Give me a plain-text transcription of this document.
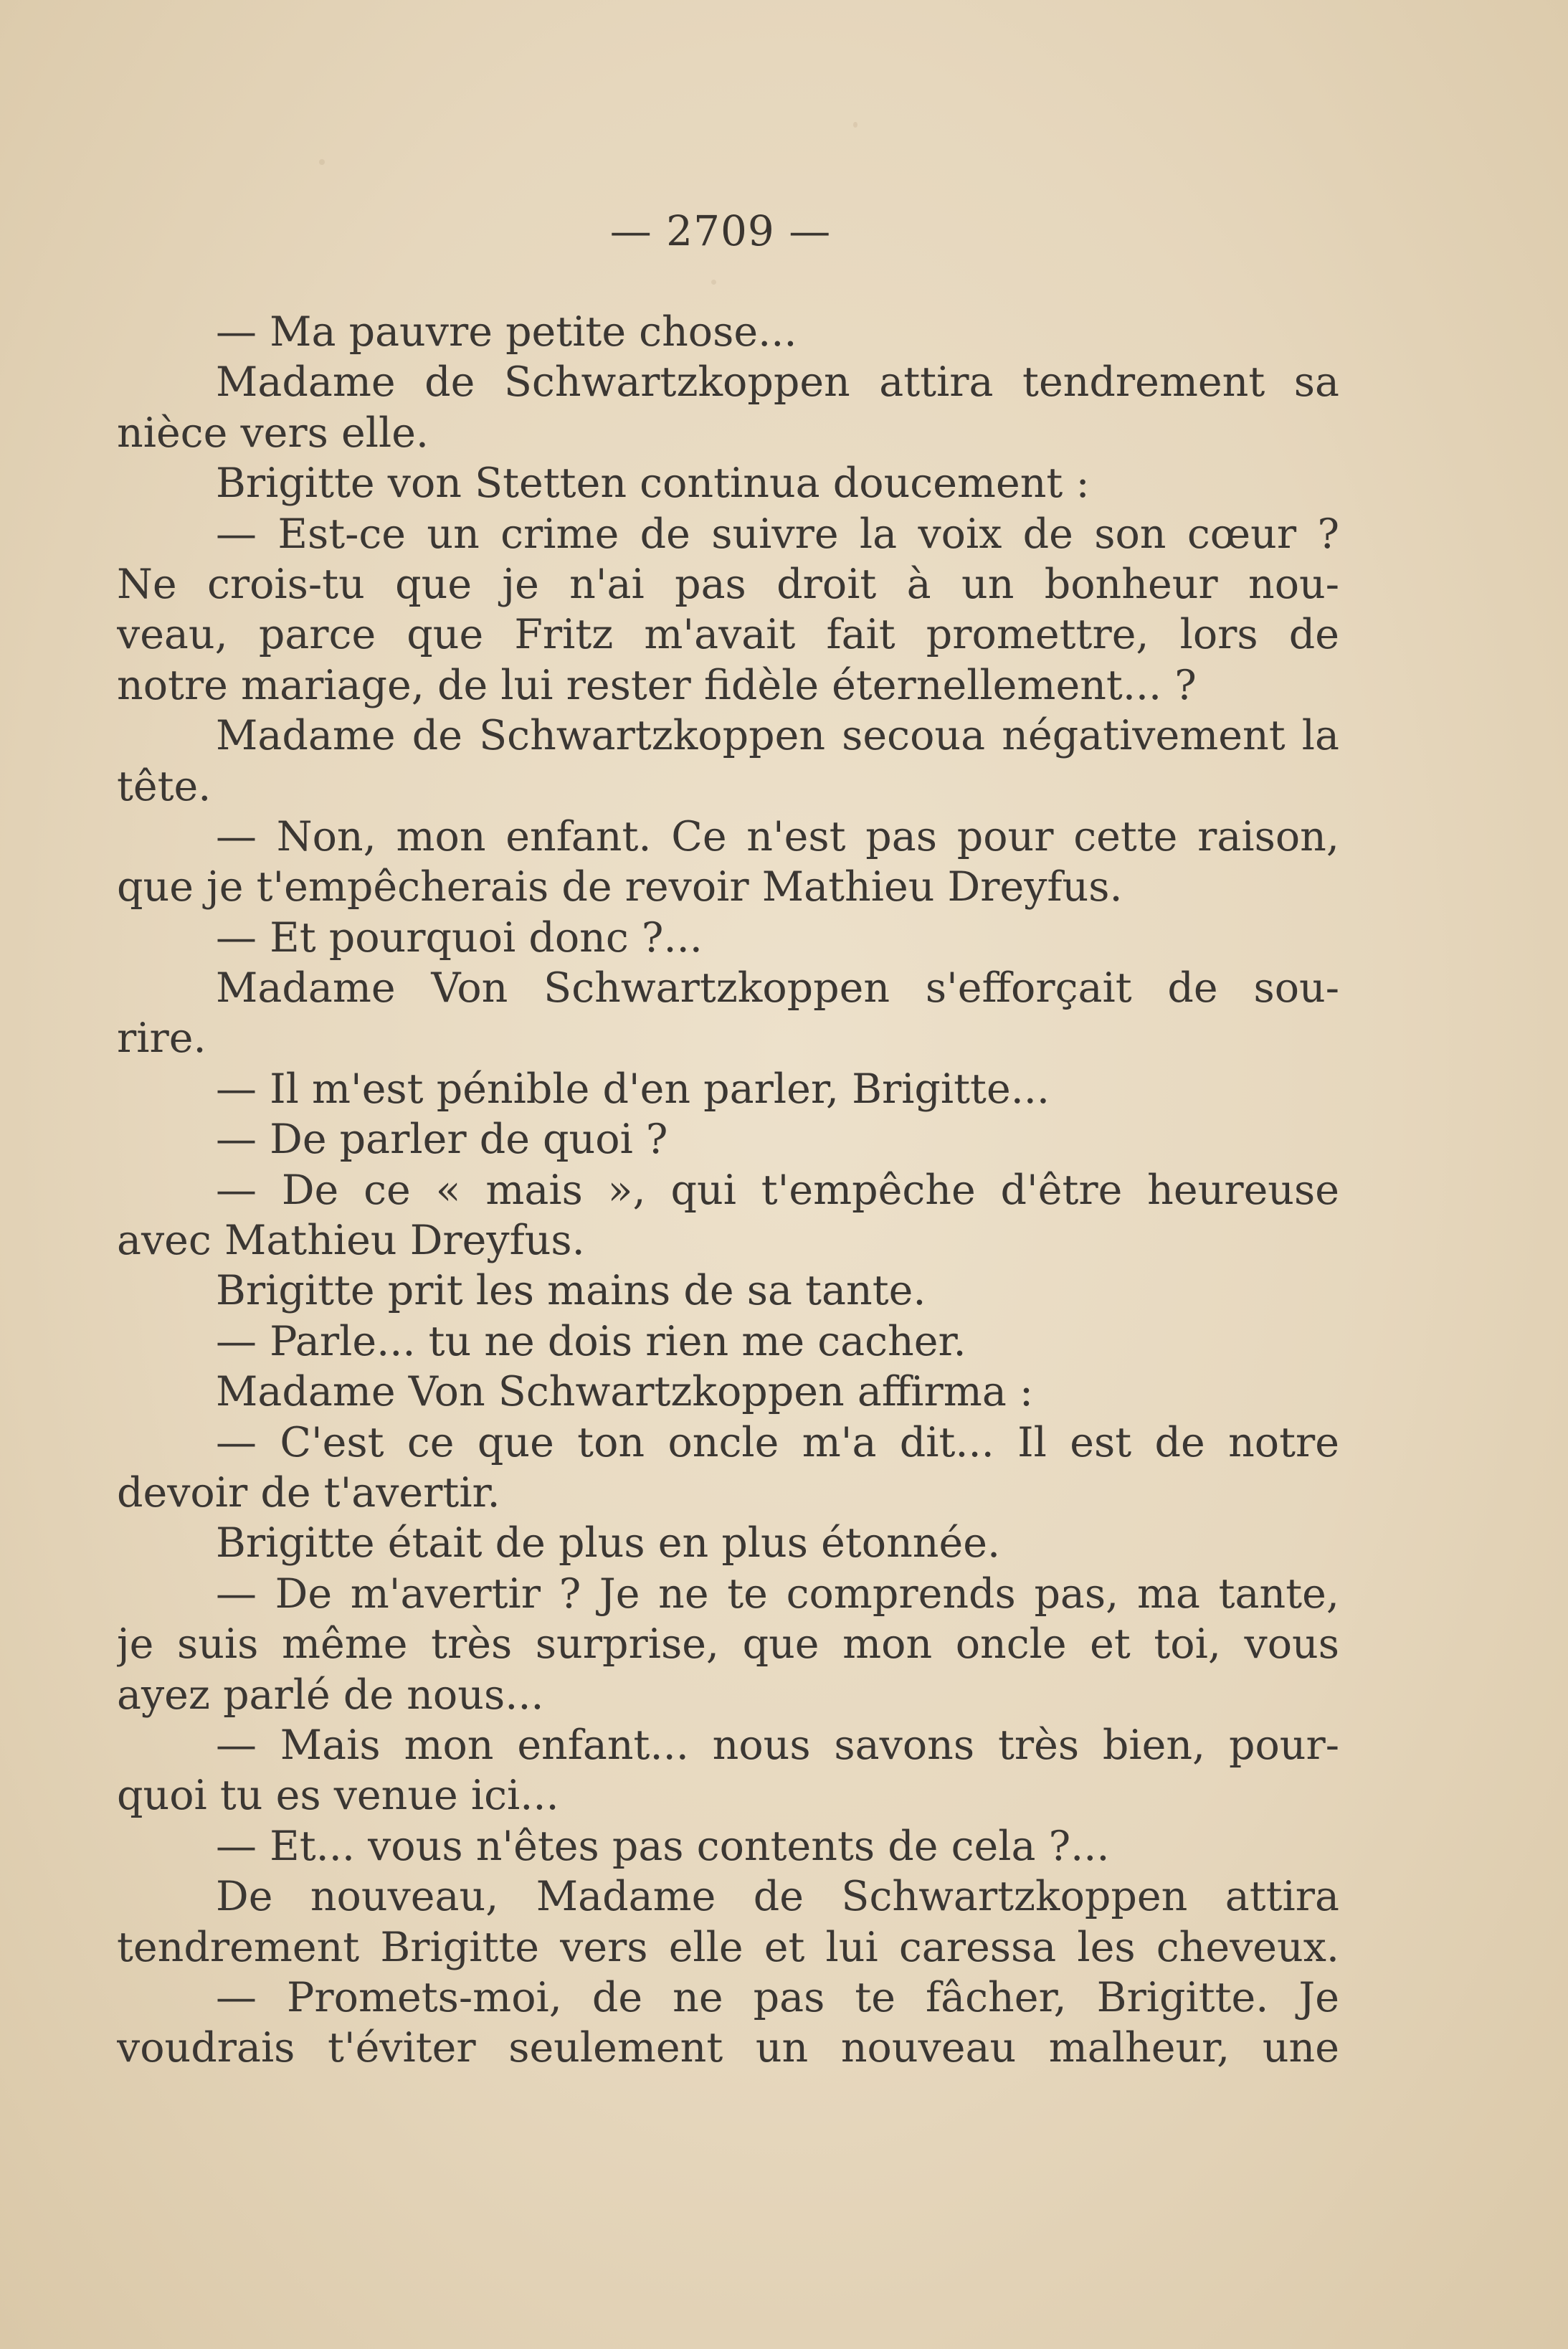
— 2709 —
— Ma pauvre petite chose...
Madame de Schwartzkoppen attira tendrement sa
nièce vers elle.
Brigitte von Stetten continua doucement :
— Est-ce un crime de suivre la voix de son cœur ?
Ne crois-tu que je n'ai pas droit à un bonheur nou-
veau, parce que Fritz m'avait fait promettre, lors de
notre mariage, de lui rester fidèle éternellement... ?
Madame de Schwartzkoppen secoua négativement la
tête.
— Non, mon enfant. Ce n'est pas pour cette raison,
que je t'empêcherais de revoir Mathieu Dreyfus.
— Et pourquoi donc ?...
Madame Von Schwartzkoppen s'efforçait de sou-
rire.
— Il m'est pénible d'en parler, Brigitte...
— De parler de quoi ?
— De ce « mais », qui t'empêche d'être heureuse
avec Mathieu Dreyfus.
Brigitte prit les mains de sa tante.
— Parle... tu ne dois rien me cacher.
Madame Von Schwartzkoppen affirma :
— C'est ce que ton oncle m'a dit... Il est de notre
devoir de t'avertir.
Brigitte était de plus en plus étonnée.
— De m'avertir ? Je ne te comprends pas, ma tante,
je suis même très surprise, que mon oncle et toi, vous
ayez parlé de nous...
— Mais mon enfant... nous savons très bien, pour-
quoi tu es venue ici...
— Et... vous n'êtes pas contents de cela ?...
De nouveau, Madame de Schwartzkoppen attira
tendrement Brigitte vers elle et lui caressa les cheveux.
— Promets-moi, de ne pas te fâcher, Brigitte. Je
voudrais t'éviter seulement un nouveau malheur, une
